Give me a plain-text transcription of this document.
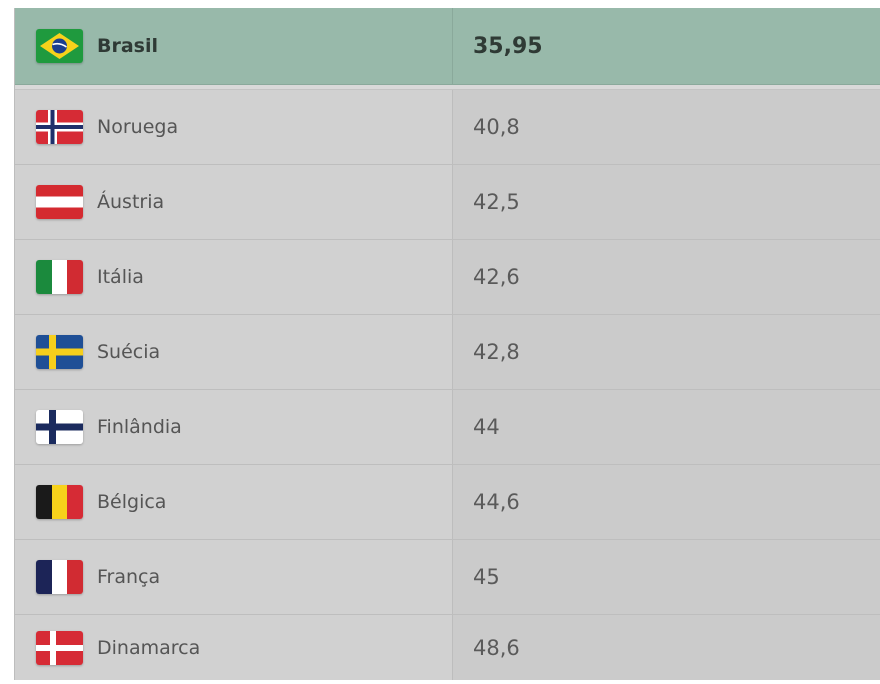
Brasil	35,95
Noruega	40,8
Áustria	42,5
Itália	42,6
Suécia	42,8
Finlândia	44
Bélgica	44,6
França	45
Dinamarca	48,6
